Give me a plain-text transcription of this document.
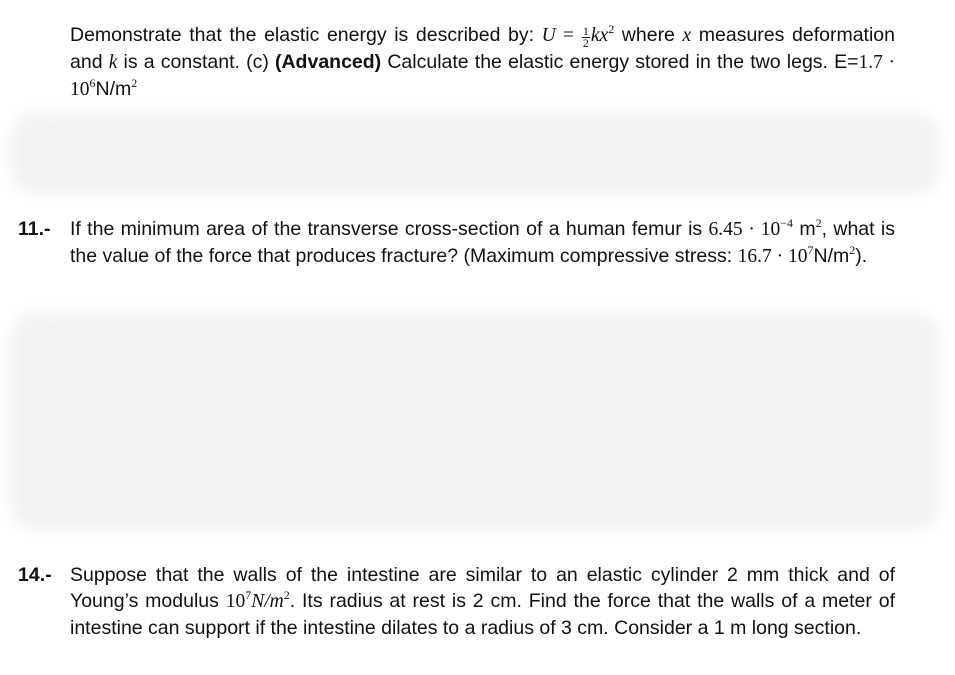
Demonstrate that the elastic energy is described by: $U = \frac{1}{2} kx^2$ where x measures deformation and k is a constant. (c) (Advanced) Calculate the elastic energy stored in the two legs. $E=1.7 \cdot 10^6N/m^2$
11.- If the minimum area of the transverse cross-section of a human femur is $6.45 \cdot 10^{-4}$ $m^2$, what is the value of the force that produces fracture? (Maximum compressive stress: $16.7 \cdot 10^7N/m^2$).
14.- Suppose that the walls of the intestine are similar to an elastic cylinder 2 mm thick and of Young’s modulus $10^7N/m^2$. Its radius at rest is 2 cm. Find the force that the walls of a meter of intestine can support if the intestine dilates to a radius of 3 cm. Consider a 1 m long section.
